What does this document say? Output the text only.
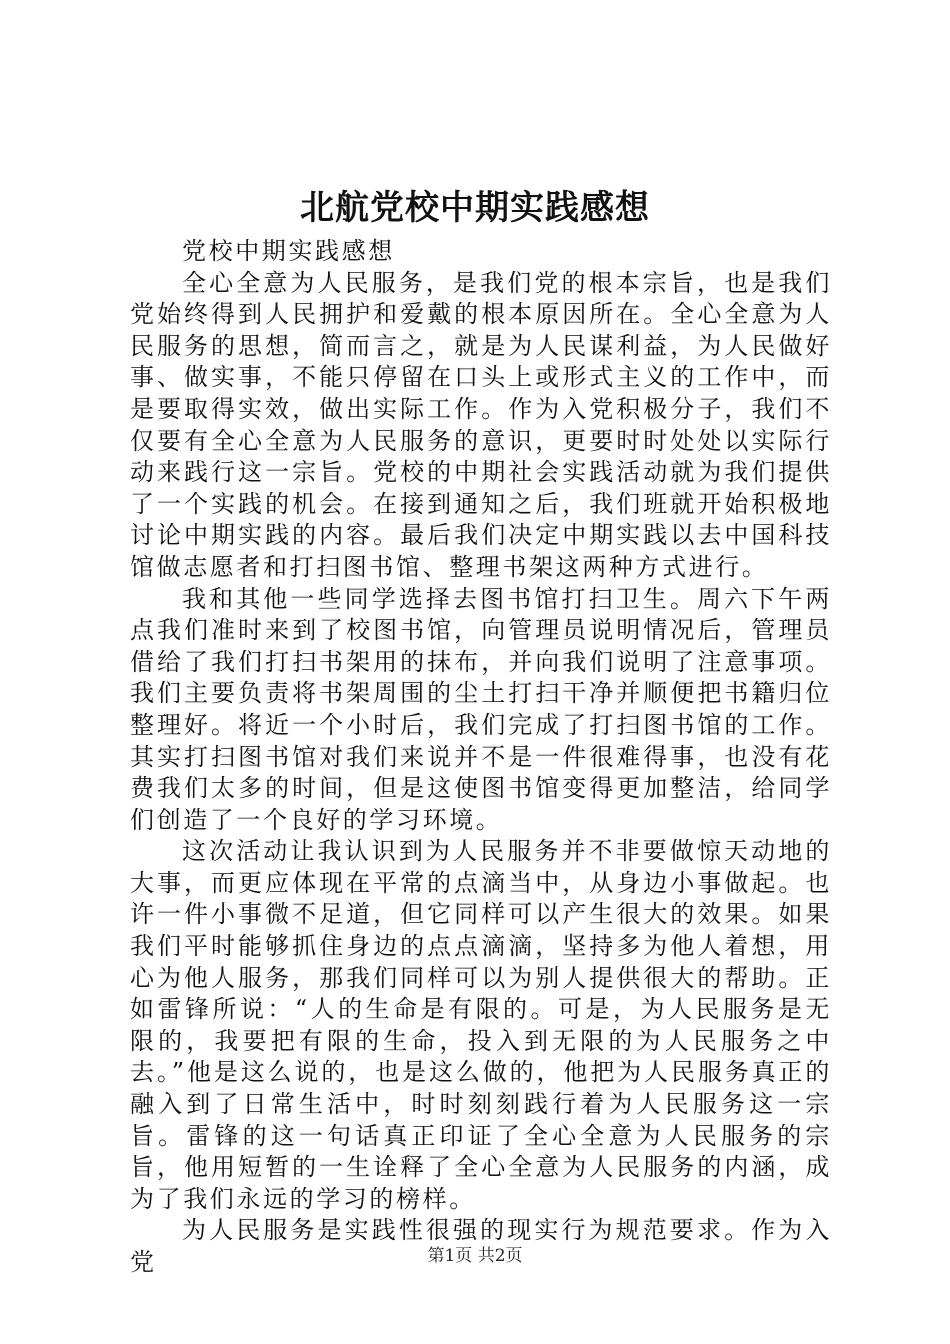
北航党校中期实践感想

党校中期实践感想

全心全意为人民服务，是我们党的根本宗旨，也是我们党始终得到人民拥护和爱戴的根本原因所在。全心全意为人民服务的思想，简而言之，就是为人民谋利益，为人民做好事、做实事，不能只停留在口头上或形式主义的工作中，而是要取得实效，做出实际工作。作为入党积极分子，我们不仅要有全心全意为人民服务的意识，更要时时处处以实际行动来践行这一宗旨。党校的中期社会实践活动就为我们提供了一个实践的机会。在接到通知之后，我们班就开始积极地讨论中期实践的内容。最后我们决定中期实践以去中国科技馆做志愿者和打扫图书馆、整理书架这两种方式进行。

我和其他一些同学选择去图书馆打扫卫生。周六下午两点我们准时来到了校图书馆，向管理员说明情况后，管理员借给了我们打扫书架用的抹布，并向我们说明了注意事项。我们主要负责将书架周围的尘土打扫干净并顺便把书籍归位整理好。将近一个小时后，我们完成了打扫图书馆的工作。其实打扫图书馆对我们来说并不是一件很难得事，也没有花费我们太多的时间，但是这使图书馆变得更加整洁，给同学们创造了一个良好的学习环境。

这次活动让我认识到为人民服务并不非要做惊天动地的大事，而更应体现在平常的点滴当中，从身边小事做起。也许一件小事微不足道，但它同样可以产生很大的效果。如果我们平时能够抓住身边的点点滴滴，坚持多为他人着想，用心为他人服务，那我们同样可以为别人提供很大的帮助。正如雷锋所说：“人的生命是有限的。可是，为人民服务是无限的，我要把有限的生命，投入到无限的为人民服务之中去。”他是这么说的，也是这么做的，他把为人民服务真正的融入到了日常生活中，时时刻刻践行着为人民服务这一宗旨。雷锋的这一句话真正印证了全心全意为人民服务的宗旨，他用短暂的一生诠释了全心全意为人民服务的内涵，成为了我们永远的学习的榜样。

为人民服务是实践性很强的现实行为规范要求。作为入党	第1页 共2页
